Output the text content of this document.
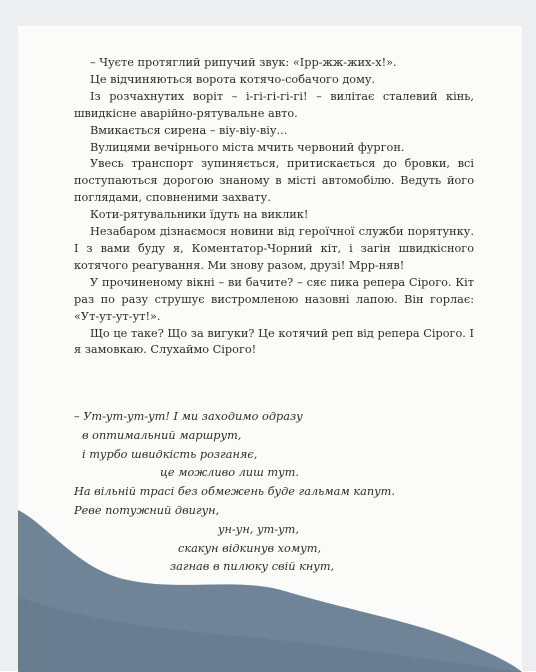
– Чуєте протяглий рипучий звук: «Ірр-жж-жих-х!».

Це відчиняються ворота котячо-собачого дому.

Із розчахнутих воріт – і-гі-гі-гі-гі! – вилітає сталевий кінь, швидкісне аварійно-рятувальне авто.

Вмикається сирена – віу-віу-віу...

Вулицями вечірнього міста мчить червоний фургон.

Увесь транспорт зупиняється, притискається до бровки, всі поступаються дорогою знаному в місті автомобілю. Ведуть його поглядами, сповненими захвату.

Коти-рятувальники їдуть на виклик!

Незабаром дізнаємося новини від героїчної служби порятунку. І з вами буду я, Коментатор-Чорний кіт, і загін швидкісного котячого реагування. Ми знову разом, друзі! Мрр-няв!

У прочиненому вікні – ви бачите? – сяє пика репера Сірого. Кіт раз по разу струшує вистромленою назовні лапою. Він горлає: «Ут-ут-ут-ут!».

Що це таке? Що за вигуки? Це котячий реп від репера Сірого. І я замовкаю. Слухаймо Сірого!

– Ут-ут-ут-ут! І ми заходимо одразу
в оптимальний маршрут,
і турбо швидкість розганяє,
це можливо лиш тут.
На вільній трасі без обмежень буде гальмам капут.
Реве потужний двигун,
ун-ун, ут-ут,
скакун відкинув хомут,
загнав в пилюку свій кнут,
